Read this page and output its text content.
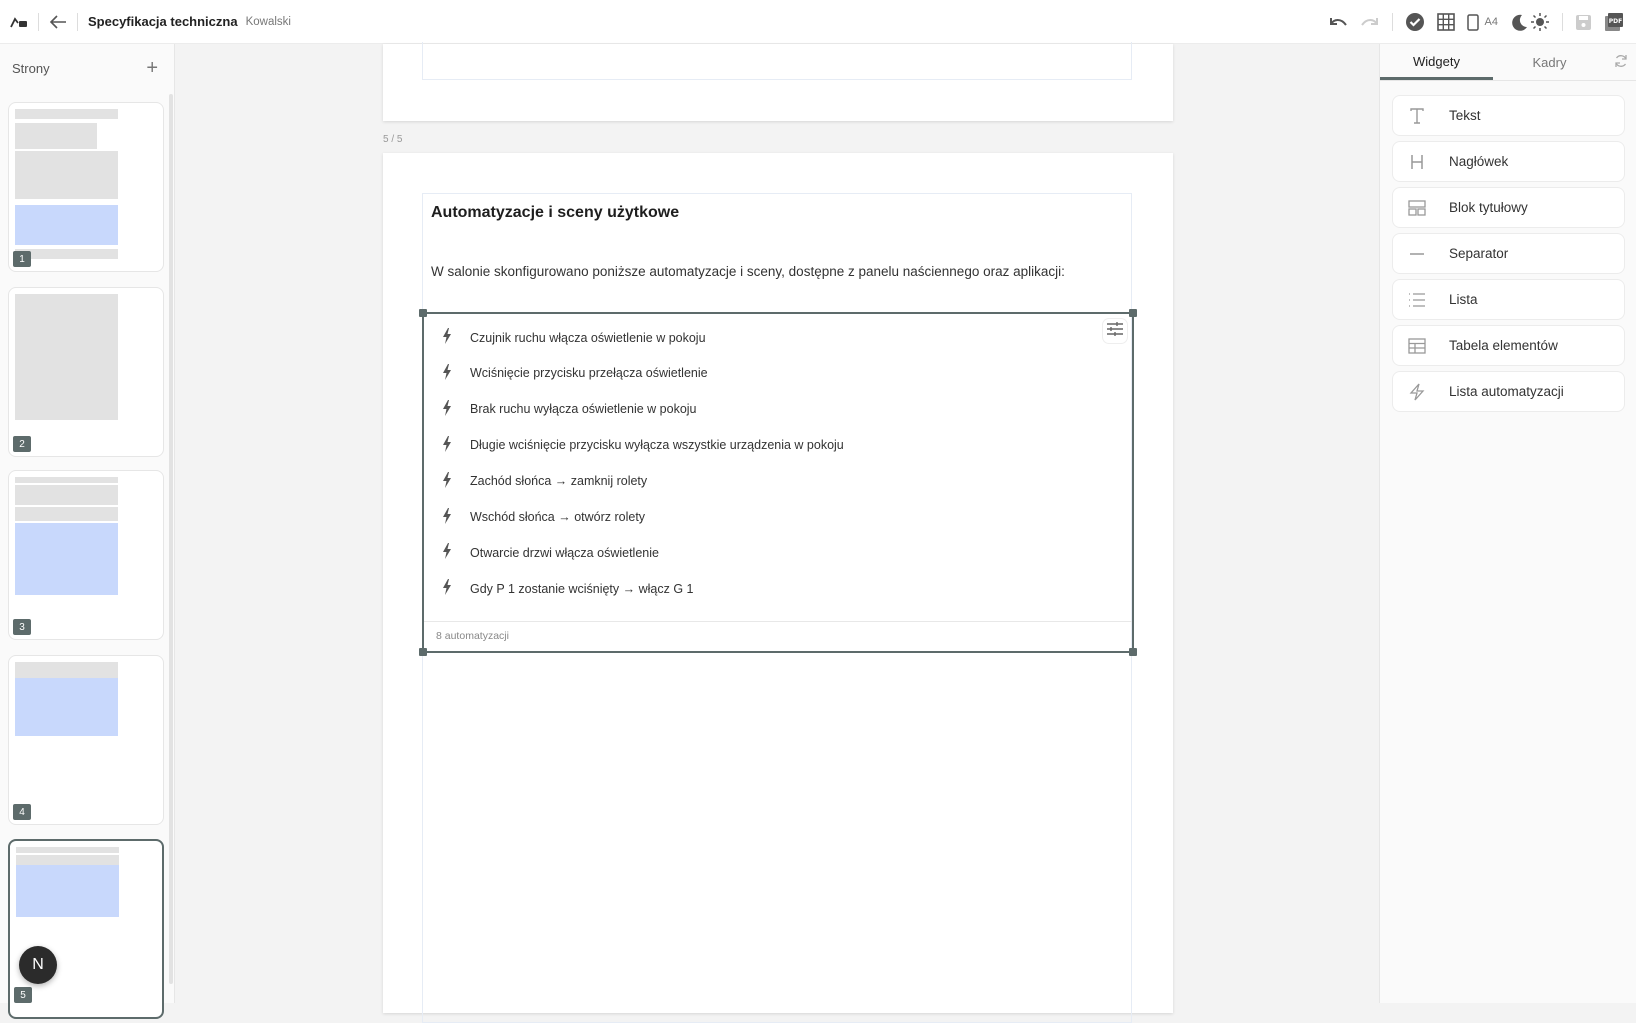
Specyfikacja techniczna Kowalski	A4	PDF
Strony	+
1
2
3
4
5
N
5 / 5
Automatyzacje i sceny użytkowe
W salonie skonfigurowano poniższe automatyzacje i sceny, dostępne z panelu naściennego oraz aplikacji:
Czujnik ruchu włącza oświetlenie w pokoju
Wciśnięcie przycisku przełącza oświetlenie
Brak ruchu wyłącza oświetlenie w pokoju
Długie wciśnięcie przycisku wyłącza wszystkie urządzenia w pokoju
Zachód słońca → zamknij rolety
Wschód słońca → otwórz rolety
Otwarcie drzwi włącza oświetlenie
Gdy P 1 zostanie wciśnięty → włącz G 1
8 automatyzacji
Widgety	Kadry
Tekst
Nagłówek
Blok tytułowy
Separator
Lista
Tabela elementów
Lista automatyzacji
